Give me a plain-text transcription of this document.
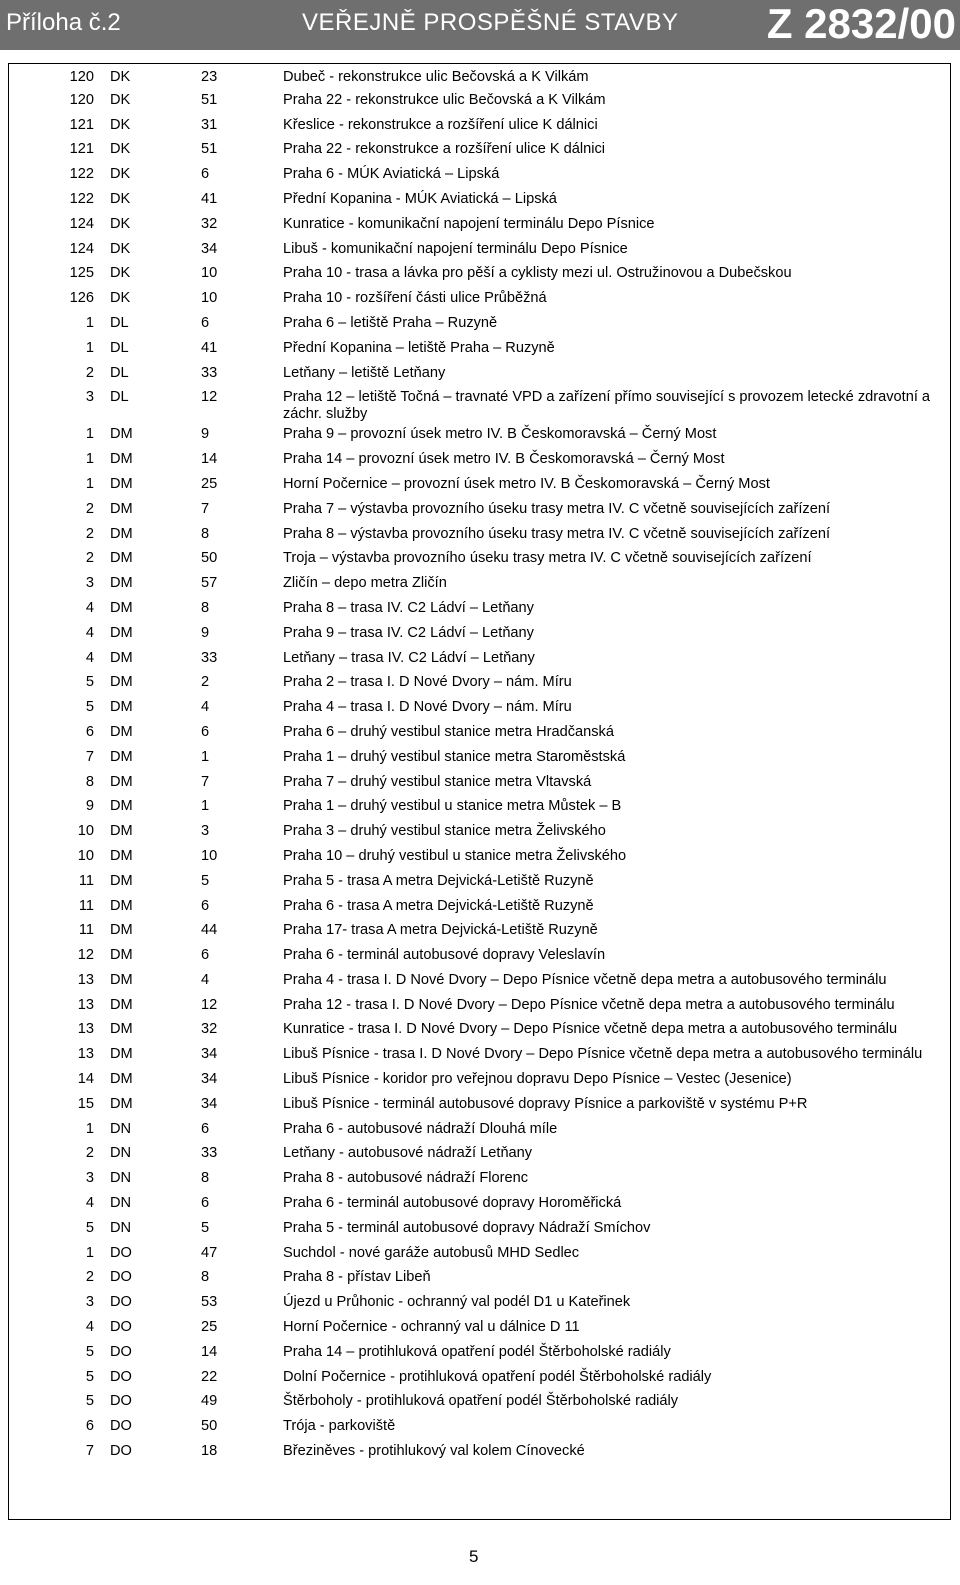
Příloha č.2	VEŘEJNĚ PROSPĚŠNÉ STAVBY Z 2832/00
120	DK	23	Dubeč - rekonstrukce ulic Bečovská a K Vilkám
120	DK	51	Praha 22 - rekonstrukce ulic Bečovská a K Vilkám
121	DK	31	Křeslice - rekonstrukce a rozšíření ulice K dálnici
121	DK	51	Praha 22 - rekonstrukce a rozšíření ulice K dálnici
122	DK	6	Praha 6 - MÚK Aviatická – Lipská
122	DK	41	Přední Kopanina - MÚK Aviatická – Lipská
124	DK	32	Kunratice - komunikační napojení terminálu Depo Písnice
124	DK	34	Libuš - komunikační napojení terminálu Depo Písnice
125	DK	10	Praha 10 - trasa a lávka pro pěší a cyklisty mezi ul. Ostružinovou a Dubečskou
126	DK	10	Praha 10 - rozšíření části ulice Průběžná
1	DL	6	Praha 6 – letiště Praha – Ruzyně
1	DL	41	Přední Kopanina – letiště Praha – Ruzyně
2	DL	33	Letňany – letiště Letňany
3	DL	12	Praha 12 – letiště Točná – travnaté VPD a zařízení přímo související s provozem letecké zdravotní a záchr. služby
1	DM	9	Praha 9 – provozní úsek metro IV. B Českomoravská – Černý Most
1	DM	14	Praha 14 – provozní úsek metro IV. B Českomoravská – Černý Most
1	DM	25	Horní Počernice – provozní úsek metro IV. B Českomoravská – Černý Most
2	DM	7	Praha 7 – výstavba provozního úseku trasy metra IV. C včetně souvisejících zařízení
2	DM	8	Praha 8 – výstavba provozního úseku trasy metra IV. C včetně souvisejících zařízení
2	DM	50	Troja – výstavba provozního úseku trasy metra IV. C včetně souvisejících zařízení
3	DM	57	Zličín – depo metra Zličín
4	DM	8	Praha 8 – trasa IV. C2 Ládví – Letňany
4	DM	9	Praha 9 – trasa IV. C2 Ládví – Letňany
4	DM	33	Letňany – trasa IV. C2 Ládví – Letňany
5	DM	2	Praha 2 – trasa I. D Nové Dvory – nám. Míru
5	DM	4	Praha 4 – trasa I. D Nové Dvory – nám. Míru
6	DM	6	Praha 6 – druhý vestibul stanice metra Hradčanská
7	DM	1	Praha 1 – druhý vestibul stanice metra Staroměstská
8	DM	7	Praha 7 – druhý vestibul stanice metra Vltavská
9	DM	1	Praha 1 – druhý vestibul u stanice metra Můstek – B
10	DM	3	Praha 3 – druhý vestibul stanice metra Želivského
10	DM	10	Praha 10 – druhý vestibul u stanice metra Želivského
11	DM	5	Praha 5 - trasa A metra Dejvická-Letiště Ruzyně
11	DM	6	Praha 6 - trasa A metra Dejvická-Letiště Ruzyně
11	DM	44	Praha 17- trasa A metra Dejvická-Letiště Ruzyně
12	DM	6	Praha 6 - terminál autobusové dopravy Veleslavín
13	DM	4	Praha 4 - trasa I. D Nové Dvory – Depo Písnice včetně depa metra a autobusového terminálu
13	DM	12	Praha 12 - trasa I. D Nové Dvory – Depo Písnice včetně depa metra a autobusového terminálu
13	DM	32	Kunratice - trasa I. D Nové Dvory – Depo Písnice včetně depa metra a autobusového terminálu
13	DM	34	Libuš Písnice - trasa I. D Nové Dvory – Depo Písnice včetně depa metra a autobusového terminálu
14	DM	34	Libuš Písnice - koridor pro veřejnou dopravu Depo Písnice – Vestec (Jesenice)
15	DM	34	Libuš Písnice - terminál autobusové dopravy Písnice a parkoviště v systému P+R
1	DN	6	Praha 6 - autobusové nádraží Dlouhá míle
2	DN	33	Letňany - autobusové nádraží Letňany
3	DN	8	Praha 8 - autobusové nádraží Florenc
4	DN	6	Praha 6 - terminál autobusové dopravy Horoměřická
5	DN	5	Praha 5 - terminál autobusové dopravy Nádraží Smíchov
1	DO	47	Suchdol - nové garáže autobusů MHD Sedlec
2	DO	8	Praha 8 - přístav Libeň
3	DO	53	Újezd u Průhonic - ochranný val podél D1 u Kateřinek
4	DO	25	Horní Počernice - ochranný val u dálnice D 11
5	DO	14	Praha 14 – protihluková opatření podél Štěrboholské radiály
5	DO	22	Dolní Počernice - protihluková opatření podél Štěrboholské radiály
5	DO	49	Štěrboholy - protihluková opatření podél Štěrboholské radiály
6	DO	50	Trója - parkoviště
7	DO	18	Březiněves - protihlukový val kolem Cínovecké
5
